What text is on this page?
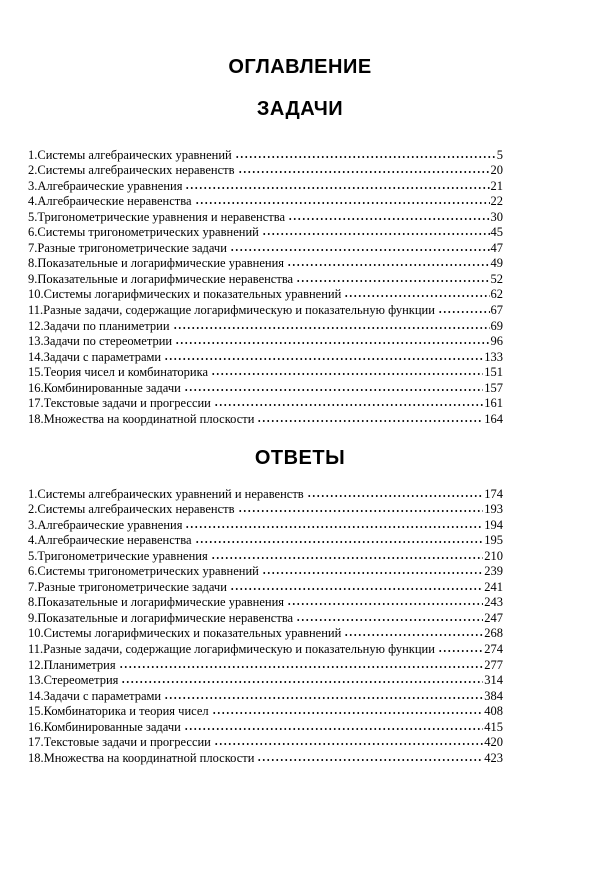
ОГЛАВЛЕНИЕ
ЗАДАЧИ
1. Системы алгебраических уравнений	5
2. Системы алгебраических неравенств	20
3. Алгебраические уравнения	21
4. Алгебраические неравенства	22
5. Тригонометрические уравнения и неравенства	30
6. Системы тригонометрических уравнений	45
7. Разные тригонометрические задачи	47
8. Показательные и логарифмические уравнения	49
9. Показательные и логарифмические неравенства	52
10. Системы логарифмических и показательных уравнений	62
11. Разные задачи, содержащие логарифмическую и показательную функции	67
12. Задачи по планиметрии	69
13. Задачи по стереометрии	96
14. Задачи с параметрами	133
15. Теория чисел и комбинаторика	151
16. Комбинированные задачи	157
17. Текстовые задачи и прогрессии	161
18. Множества на координатной плоскости	164
ОТВЕТЫ
1. Системы алгебраических уравнений и неравенств	174
2. Системы алгебраических неравенств	193
3. Алгебраические уравнения	194
4. Алгебраические неравенства	195
5. Тригонометрические уравнения	210
6. Системы тригонометрических уравнений	239
7. Разные тригонометрические задачи	241
8. Показательные и логарифмические уравнения	243
9. Показательные и логарифмические неравенства	247
10. Системы логарифмических и показательных уравнений	268
11. Разные задачи, содержащие логарифмическую и показательную функции	274
12. Планиметрия	277
13. Стереометрия	314
14. Задачи с параметрами	384
15. Комбинаторика и теория чисел	408
16. Комбинированные задачи	415
17. Текстовые задачи и прогрессии	420
18. Множества на координатной плоскости	423
